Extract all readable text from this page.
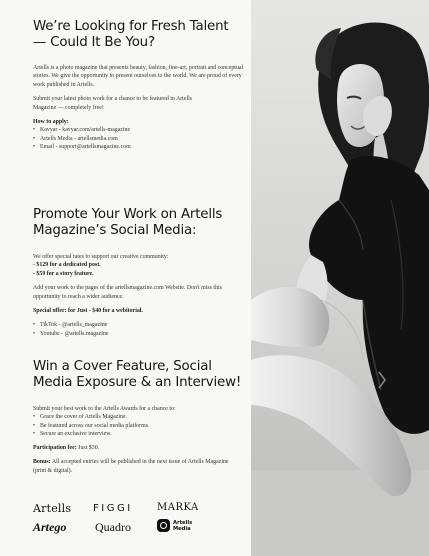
We’re Looking for Fresh Talent — Could It Be You?

Artells is a photo magazine that presents beauty, fashion, fine-art, portrait and conceptual stories. We give the opportunity to present ourselves to the world. We are proud of every work published in Artells.

Submit your latest photo work for a chance to be featured in Artells Magazine — completely free!

How to apply:

• Kavyar - kavyar.com/artells-magazine
• Artells Media - artellsmedia.com
• Email - support@artellsmagazine.com
Promote Your Work on Artells Magazine’s Social Media:

We offer special rates to support our creative community:

- $129 for a dedicated post.

- $59 for a story feature.

Add your work to the pages of the artellsmagazine.com Website. Don't miss this opportunity to reach a wider audience.

Special offer: for Just - $40 for a webitorial.

• TikTok - @artells_magazine
• Youtube - @artells.magazine
Win a Cover Feature, Social Media Exposure & an Interview!

Submit your best work to the Artells Awards for a chance to:

• Grace the cover of Artells Magazine.
• Be featured across our social media platforms.
• Secure an exclusive interview.

Participation fee: Just $30.

Bonus: All accepted entries will be published in the next issue of Artells Magazine (print & digital).

Artells FIGGI MARKA
Artego Quadro	Artells
Media
